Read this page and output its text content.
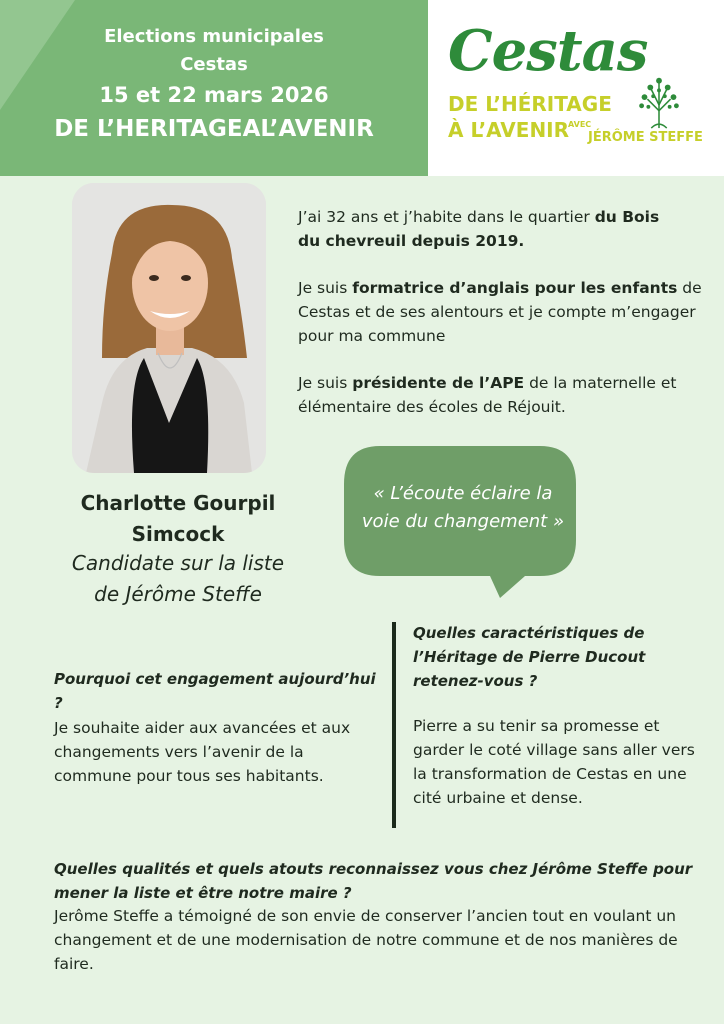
Elections municipales
Cestas
15 et 22 mars 2026
DE L’HERITAGEAL’AVENIR
Cestas
DE L’HÉRITAGE
À L’AVENIR
AVEC
JÉRÔME STEFFE
Charlotte Gourpil
Simcock
Candidate sur la liste
de Jérôme Steffe
J’ai 32 ans et j’habite dans le quartier du Bois du chevreuil depuis 2019.
Je suis formatrice d’anglais pour les enfants de Cestas et de ses alentours et je compte m’engager pour ma commune
Je suis présidente de l’APE de la maternelle et élémentaire des écoles de Réjouit.
« L’écoute éclaire la
voie du changement »
Pourquoi cet engagement aujourd’hui ?
Je souhaite aider aux avancées et aux changements vers l’avenir de la commune pour tous ses habitants.
Quelles caractéristiques de l’Héritage de Pierre Ducout retenez-vous ?
Pierre a su tenir sa promesse et garder le coté village sans aller vers la transformation de Cestas en une cité urbaine et dense.
Quelles qualités et quels atouts reconnaissez vous chez Jérôme Steffe pour mener la liste et être notre maire ?
Jerôme Steffe a témoigné de son envie de conserver l’ancien tout en voulant un changement et de une modernisation de notre commune et de nos manières de faire.
